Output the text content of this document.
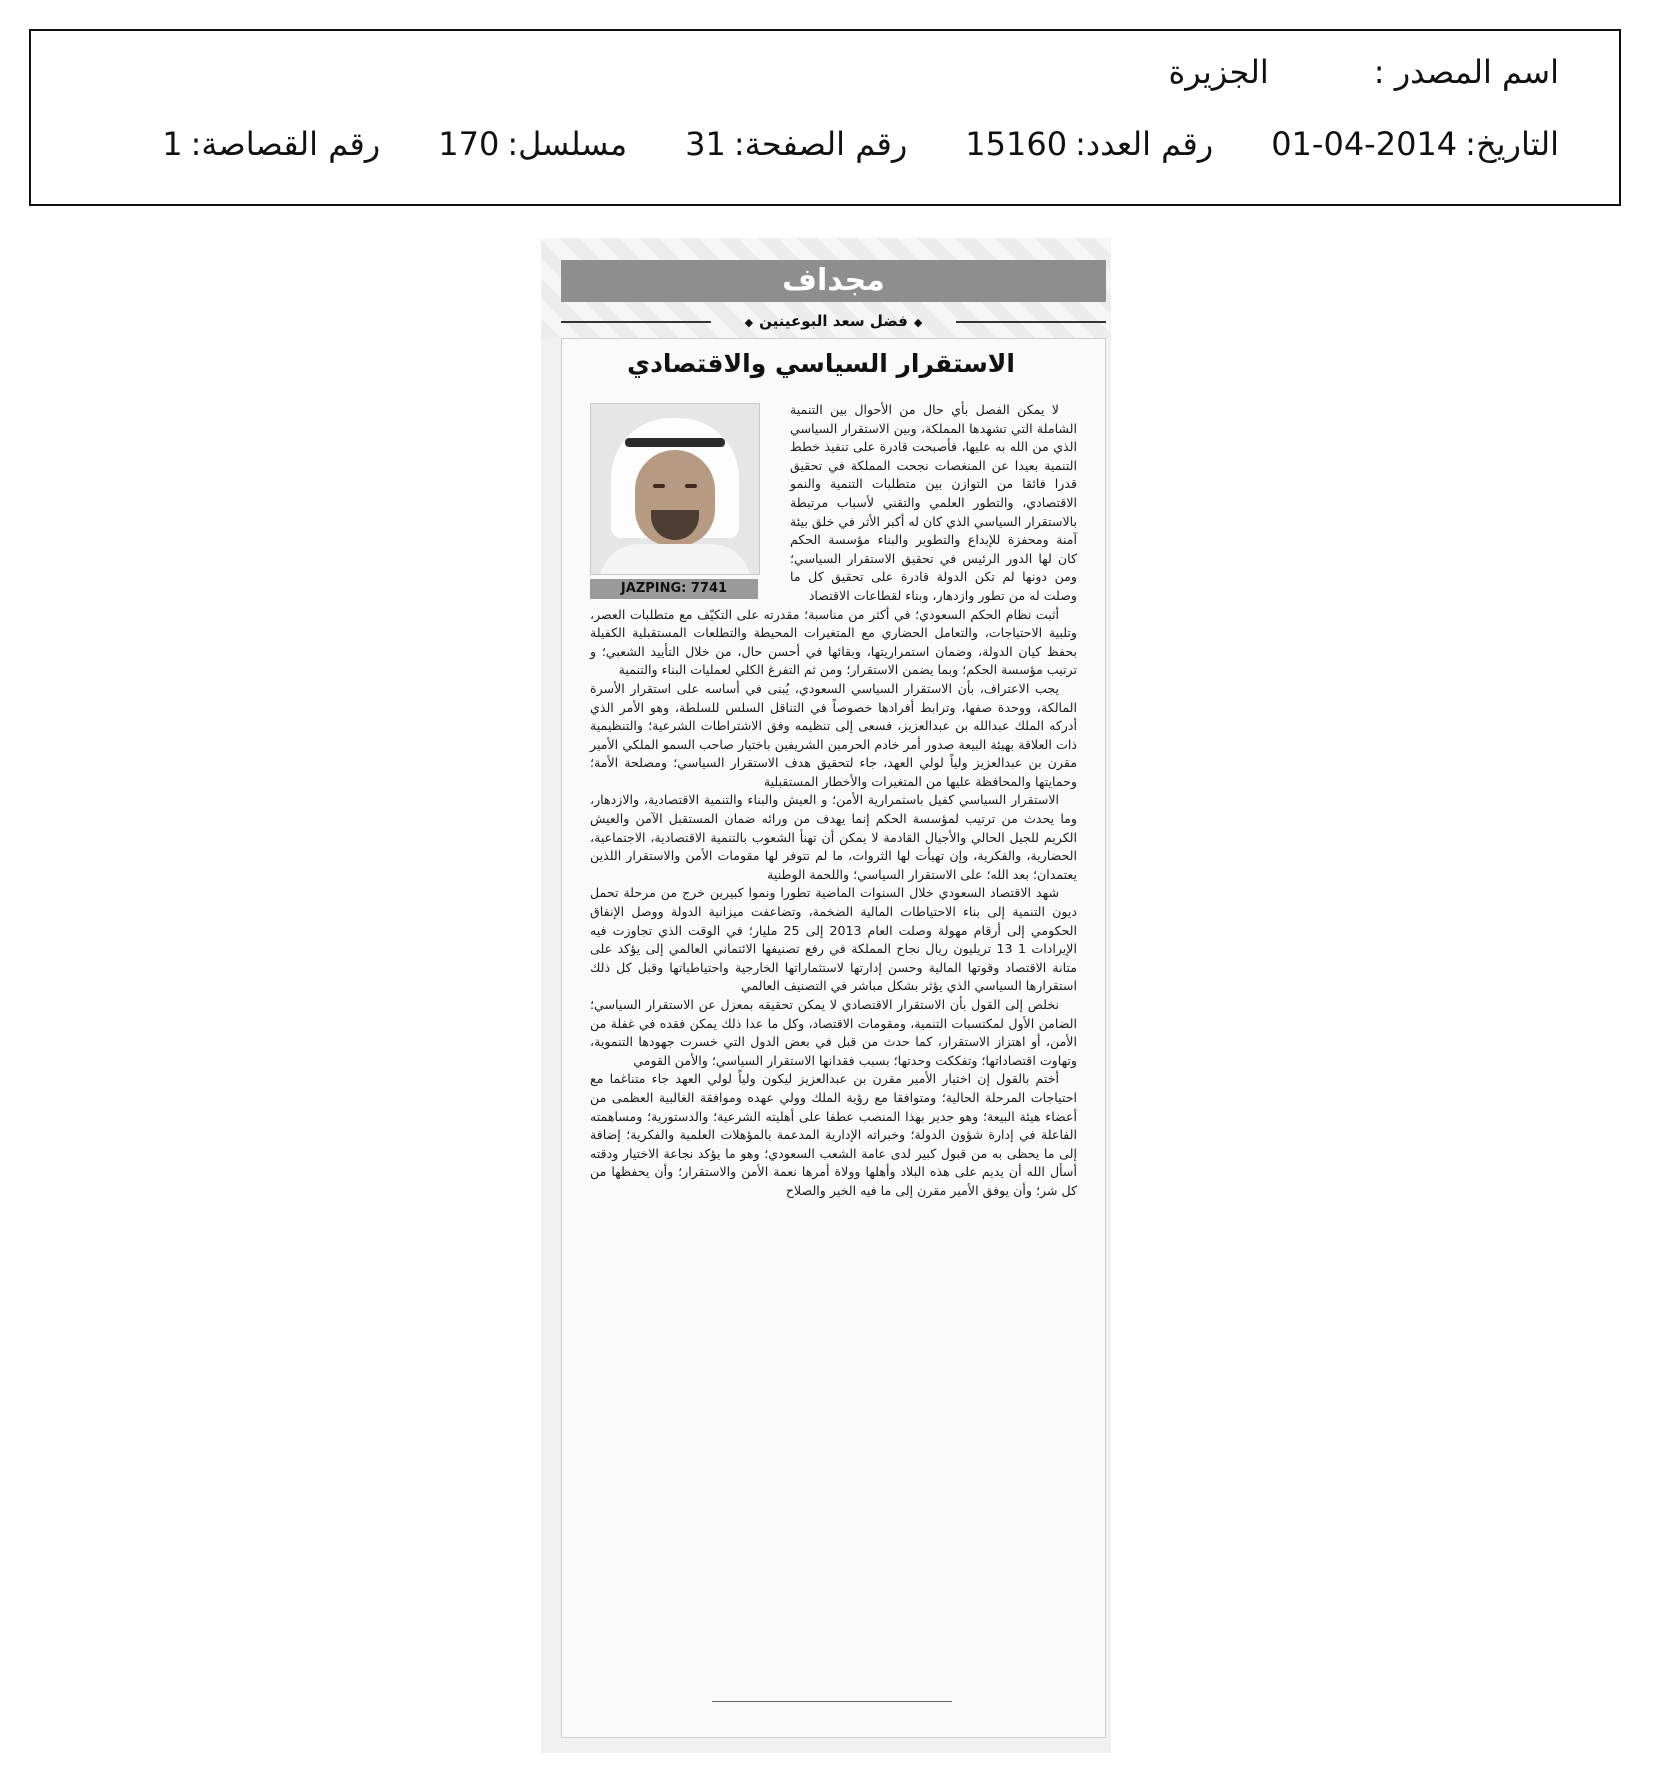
اسم المصدر :الجزيرة
التاريخ:2014-04-01رقم العدد:15160رقم الصفحة:31مسلسل:170رقم القصاصة:1
مجداف
◆فضل سعد البوعينين◆
الاستقرار السياسي والاقتصادي
JAZPING: 7741

لا يمكن الفصل بأي حال من الأحوال بين التنمية الشاملة التي تشهدها المملكة، وبين الاستقرار السياسي الذي من الله به عليها، فأصبحت قادرة على تنفيذ خطط التنمية بعيدا عن المنغصات نجحت المملكة في تحقيق قدرا فائقا من التوازن بين متطلبات التنمية والنمو الاقتصادي، والتطور العلمي والتقني لأسباب مرتبطة بالاستقرار السياسي الذي كان له أكبر الأثر في خلق بيئة آمنة ومحفزة للإبداع والتطوير والبناء مؤسسة الحكم كان لها الدور الرئيس في تحقيق الاستقرار السياسي؛ ومن دونها لم تكن الدولة قادرة على تحقيق كل ما وصلت له من تطور وازدهار، وبناء لقطاعات الاقتصاد

أثبت نظام الحكم السعودي؛ في أكثر من مناسبة؛ مقدرته على التكيّف مع متطلبات العصر، وتلبية الاحتياجات، والتعامل الحضاري مع المتغيرات المحيطة والتطلعات المستقبلية الكفيلة بحفظ كيان الدولة، وضمان استمراريتها، وبقائها في أحسن حال، من خلال التأييد الشعبي؛ و ترتيب مؤسسة الحكم؛ وبما يضمن الاستقرار؛ ومن ثم التفرغ الكلي لعمليات البناء والتنمية

يجب الاعتراف، بأن الاستقرار السياسي السعودي، يُبنى في أساسه على استقرار الأسرة المالكة، ووحدة صفها، وترابط أفرادها خصوصاً في التناقل السلس للسلطة، وهو الأمر الذي أدركه الملك عبدالله بن عبدالعزيز، فسعى إلى تنظيمه وفق الاشتراطات الشرعية؛ والتنظيمية ذات العلاقة بهيئة البيعة صدور أمر خادم الحرمين الشريفين باختيار صاحب السمو الملكي الأمير مقرن بن عبدالعزيز ولياً لولي العهد، جاء لتحقيق هدف الاستقرار السياسي؛ ومصلحة الأمة؛ وحمايتها والمحافظة عليها من المتغيرات والأخطار المستقبلية

الاستقرار السياسي كفيل باستمرارية الأمن؛ و العيش والبناء والتنمية الاقتصادية، والازدهار، وما يحدث من ترتيب لمؤسسة الحكم إنما يهدف من ورائه ضمان المستقبل الآمن والعيش الكريم للجيل الحالي والأجيال القادمة لا يمكن أن تهنأ الشعوب بالتنمية الاقتصادية، الاجتماعية، الحضارية، والفكرية، وإن تهيأت لها الثروات، ما لم تتوفر لها مقومات الأمن والاستقرار اللذين يعتمدان؛ بعد الله؛ على الاستقرار السياسي؛ واللحمة الوطنية

شهد الاقتصاد السعودي خلال السنوات الماضية تطورا ونموا كبيرين خرج من مرحلة تحمل ديون التنمية إلى بناء الاحتياطات المالية الضخمة، وتضاعفت ميزانية الدولة ووصل الإنفاق الحكومي إلى أرقام مهولة وصلت العام 2013 إلى 25 مليار؛ في الوقت الذي تجاوزت فيه الإيرادات 1 13 تريليون ريال نجاح المملكة في رفع تصنيفها الائتماني العالمي إلى يؤكد على متانة الاقتصاد وقوتها المالية وحسن إدارتها لاستثماراتها الخارجية واحتياطياتها وقبل كل ذلك استقرارها السياسي الذي يؤثر بشكل مباشر في التصنيف العالمي

نخلص إلى القول بأن الاستقرار الاقتصادي لا يمكن تحقيقه بمعزل عن الاستقرار السياسي؛ الضامن الأول لمكتسبات التنمية، ومقومات الاقتصاد، وكل ما عدا ذلك يمكن فقده في غفلة من الأمن، أو اهتزاز الاستقرار، كما حدث من قبل في بعض الدول التي خسرت جهودها التنموية، وتهاوت اقتصاداتها؛ وتفككت وحدتها؛ بسبب فقدانها الاستقرار السياسي؛ والأمن القومي

أختم بالقول إن اختيار الأمير مقرن بن عبدالعزيز ليكون ولياً لولي العهد جاء متناغما مع احتياجات المرحلة الحالية؛ ومتوافقا مع رؤية الملك وولي عهده وموافقة الغالبية العظمى من أعضاء هيئة البيعة؛ وهو جدير بهذا المنصب عطفا على أهليته الشرعية؛ والدستورية؛ ومساهمته الفاعلة في إدارة شؤون الدولة؛ وخبراته الإدارية المدعمة بالمؤهلات العلمية والفكرية؛ إضافة إلى ما يحظى به من قبول كبير لدى عامة الشعب السعودي؛ وهو ما يؤكد نجاعة الاختيار ودقته أسأل الله أن يديم على هذه البلاد وأهلها وولاة أمرها نعمة الأمن والاستقرار؛ وأن يحفظها من كل شر؛ وأن يوفق الأمير مقرن إلى ما فيه الخير والصلاح
